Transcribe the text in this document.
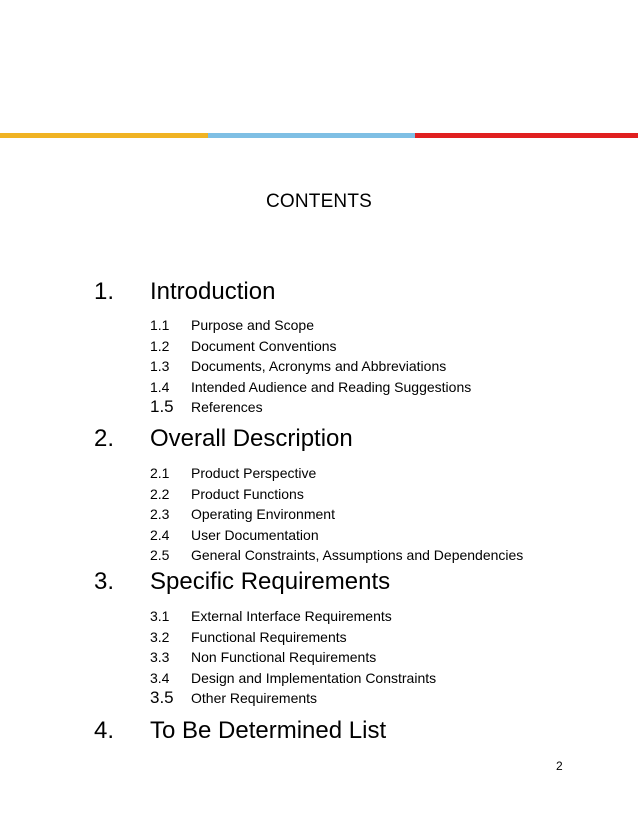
CONTENTS
1. Introduction
1.1 Purpose and Scope
1.2 Document Conventions
1.3 Documents, Acronyms and Abbreviations
1.4 Intended Audience and Reading Suggestions
1.5 References
2. Overall Description
2.1 Product Perspective
2.2 Product Functions
2.3 Operating Environment
2.4 User Documentation
2.5 General Constraints, Assumptions and Dependencies
3. Specific Requirements
3.1 External Interface Requirements
3.2 Functional Requirements
3.3 Non Functional Requirements
3.4 Design and Implementation Constraints
3.5 Other Requirements
4. To Be Determined List
2
